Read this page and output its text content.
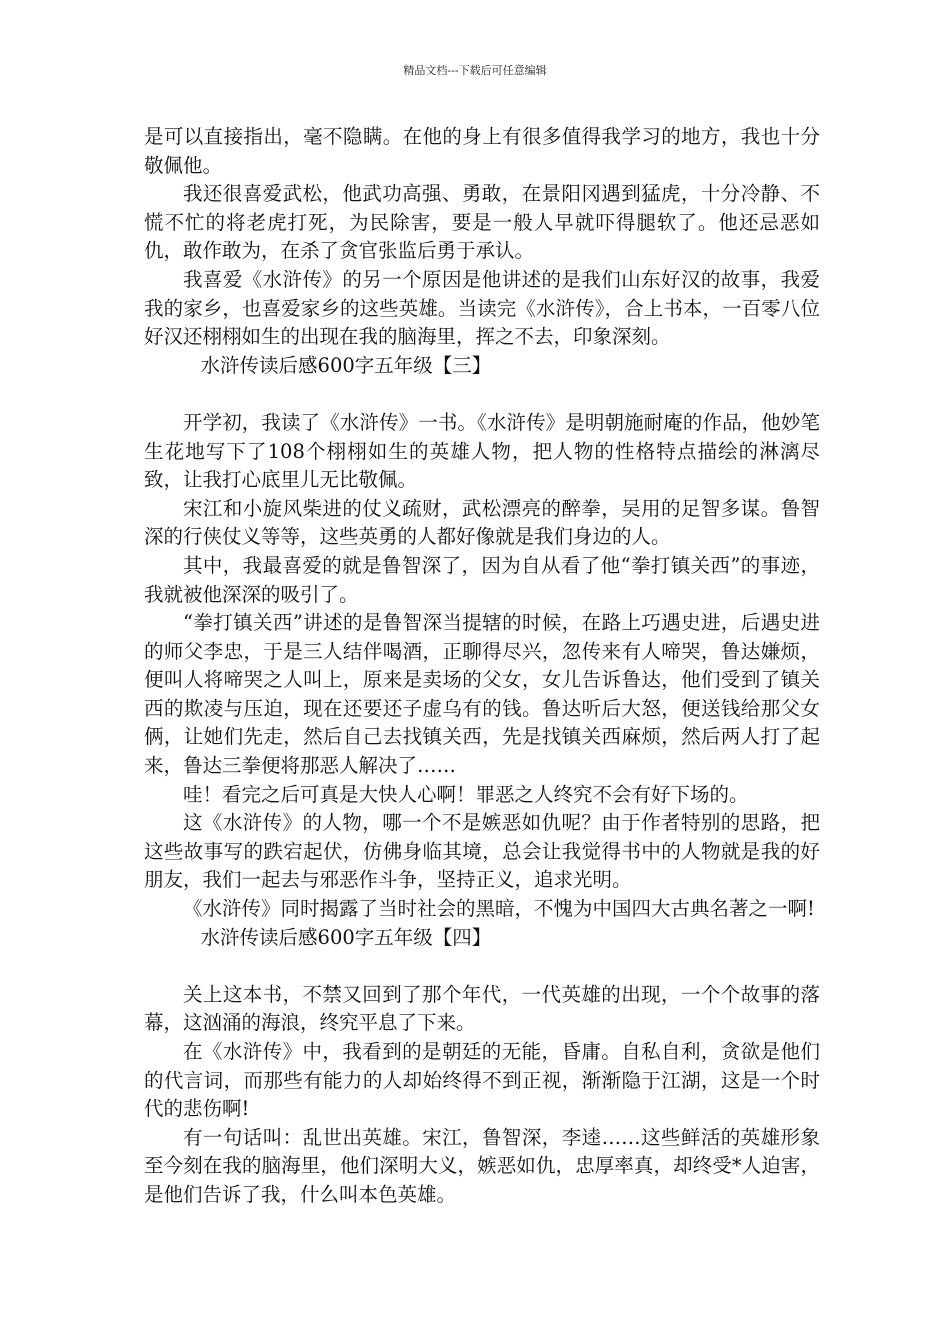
精品文档---下载后可任意编辑

是可以直接指出，毫不隐瞒。在他的身上有很多值得我学习的地方，我也十分敬佩他。

我还很喜爱武松，他武功高强、勇敢，在景阳冈遇到猛虎，十分冷静、不慌不忙的将老虎打死，为民除害，要是一般人早就吓得腿软了。他还忌恶如仇，敢作敢为，在杀了贪官张监后勇于承认。

我喜爱《水浒传》的另一个原因是他讲述的是我们山东好汉的故事，我爱我的家乡，也喜爱家乡的这些英雄。当读完《水浒传》，合上书本，一百零八位好汉还栩栩如生的出现在我的脑海里，挥之不去，印象深刻。

水浒传读后感600字五年级【三】

开学初，我读了《水浒传》一书。《水浒传》是明朝施耐庵的作品，他妙笔生花地写下了108个栩栩如生的英雄人物，把人物的性格特点描绘的淋漓尽致，让我打心底里儿无比敬佩。

宋江和小旋风柴进的仗义疏财，武松漂亮的醉拳，吴用的足智多谋。鲁智深的行侠仗义等等，这些英勇的人都好像就是我们身边的人。

其中，我最喜爱的就是鲁智深了，因为自从看了他“拳打镇关西”的事迹，我就被他深深的吸引了。

“拳打镇关西”讲述的是鲁智深当提辖的时候，在路上巧遇史进，后遇史进的师父李忠，于是三人结伴喝酒，正聊得尽兴，忽传来有人啼哭，鲁达嫌烦，便叫人将啼哭之人叫上，原来是卖场的父女，女儿告诉鲁达，他们受到了镇关西的欺凌与压迫，现在还要还子虚乌有的钱。鲁达听后大怒，便送钱给那父女俩，让她们先走，然后自己去找镇关西，先是找镇关西麻烦，然后两人打了起来，鲁达三拳便将那恶人解决了……

哇！看完之后可真是大快人心啊！罪恶之人终究不会有好下场的。

这《水浒传》的人物，哪一个不是嫉恶如仇呢？由于作者特别的思路，把这些故事写的跌宕起伏，仿佛身临其境，总会让我觉得书中的人物就是我的好朋友，我们一起去与邪恶作斗争，坚持正义，追求光明。

《水浒传》同时揭露了当时社会的黑暗，不愧为中国四大古典名著之一啊!

水浒传读后感600字五年级【四】

关上这本书，不禁又回到了那个年代，一代英雄的出现，一个个故事的落幕，这汹涌的海浪，终究平息了下来。

在《水浒传》中，我看到的是朝廷的无能，昏庸。自私自利，贪欲是他们的代言词，而那些有能力的人却始终得不到正视，渐渐隐于江湖，这是一个时代的悲伤啊!

有一句话叫：乱世出英雄。宋江，鲁智深，李逵……这些鲜活的英雄形象至今刻在我的脑海里，他们深明大义，嫉恶如仇，忠厚率真，却终受*人迫害，是他们告诉了我，什么叫本色英雄。
